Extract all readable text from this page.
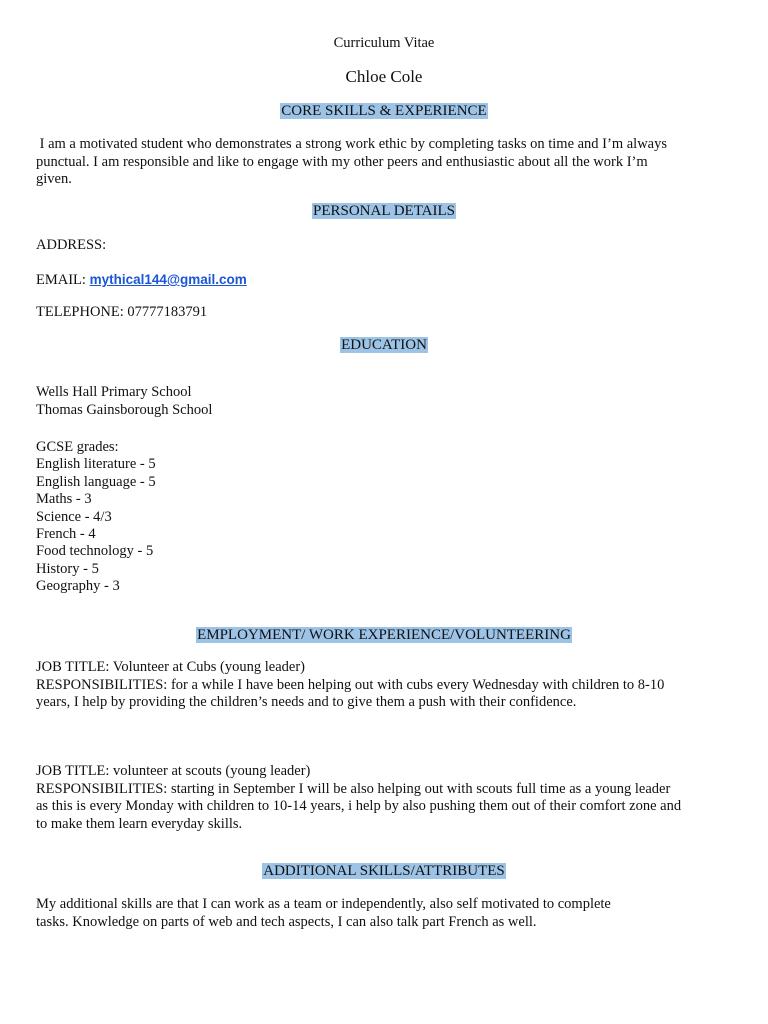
Curriculum Vitae
Chloe Cole
CORE SKILLS & EXPERIENCE
I am a motivated student who demonstrates a strong work ethic by completing tasks on time and I’m always
punctual. I am responsible and like to engage with my other peers and enthusiastic about all the work I’m
given.
PERSONAL DETAILS
ADDRESS:
EMAIL: mythical144@gmail.com
TELEPHONE: 07777183791
EDUCATION
Wells Hall Primary School
Thomas Gainsborough School
GCSE grades:
English literature - 5
English language - 5
Maths - 3
Science - 4/3
French - 4
Food technology - 5
History - 5
Geography - 3
EMPLOYMENT/ WORK EXPERIENCE/VOLUNTEERING
JOB TITLE: Volunteer at Cubs (young leader)
RESPONSIBILITIES: for a while I have been helping out with cubs every Wednesday with children to 8-10
years, I help by providing the children’s needs and to give them a push with their confidence.
JOB TITLE: volunteer at scouts (young leader)
RESPONSIBILITIES: starting in September I will be also helping out with scouts full time as a young leader
as this is every Monday with children to 10-14 years, i help by also pushing them out of their comfort zone and
to make them learn everyday skills.
ADDITIONAL SKILLS/ATTRIBUTES
My additional skills are that I can work as a team or independently, also self motivated to complete
tasks. Knowledge on parts of web and tech aspects, I can also talk part French as well.
